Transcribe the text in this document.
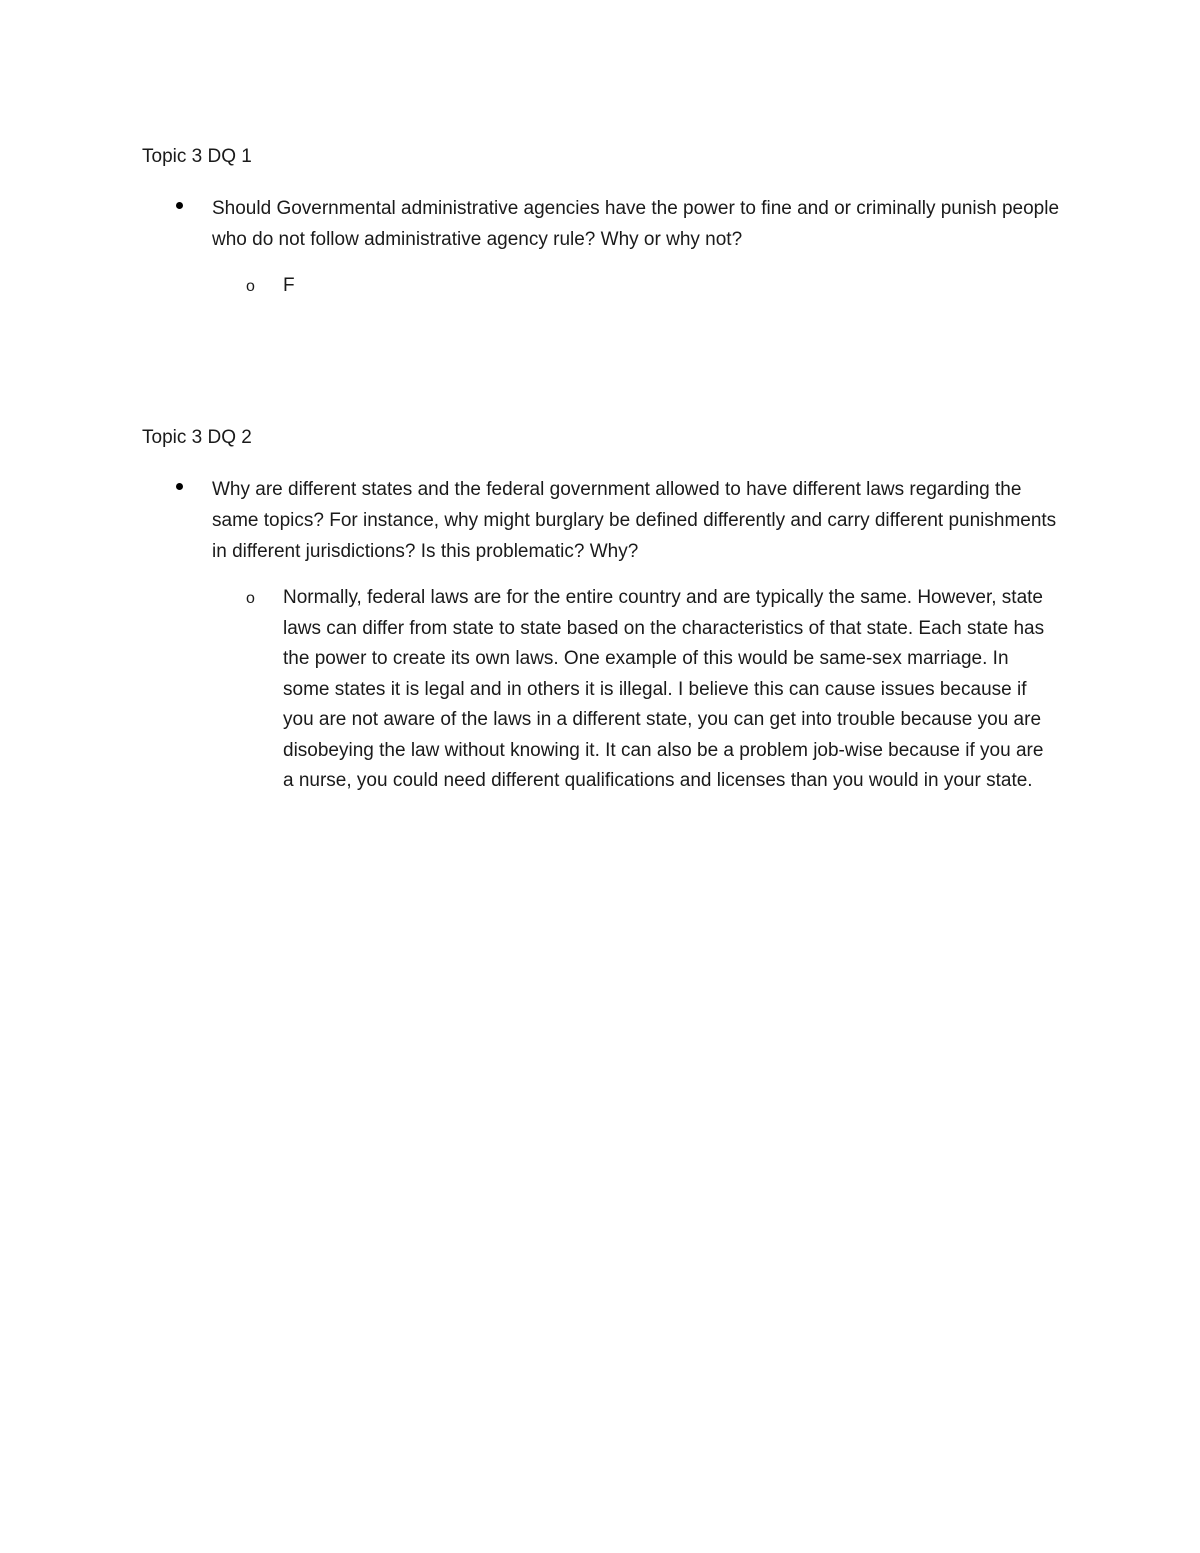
Topic 3 DQ 1

Should Governmental administrative agencies have the power to fine and or criminally punish people who do not follow administrative agency rule? Why or why not?

o F

Topic 3 DQ 2

Why are different states and the federal government allowed to have different laws regarding the same topics? For instance, why might burglary be defined differently and carry different punishments in different jurisdictions? Is this problematic? Why?

o Normally, federal laws are for the entire country and are typically the same. However, state laws can differ from state to state based on the characteristics of that state. Each state has the power to create its own laws. One example of this would be same-sex marriage. In some states it is legal and in others it is illegal. I believe this can cause issues because if you are not aware of the laws in a different state, you can get into trouble because you are disobeying the law without knowing it. It can also be a problem job-wise because if you are a nurse, you could need different qualifications and licenses than you would in your state.
